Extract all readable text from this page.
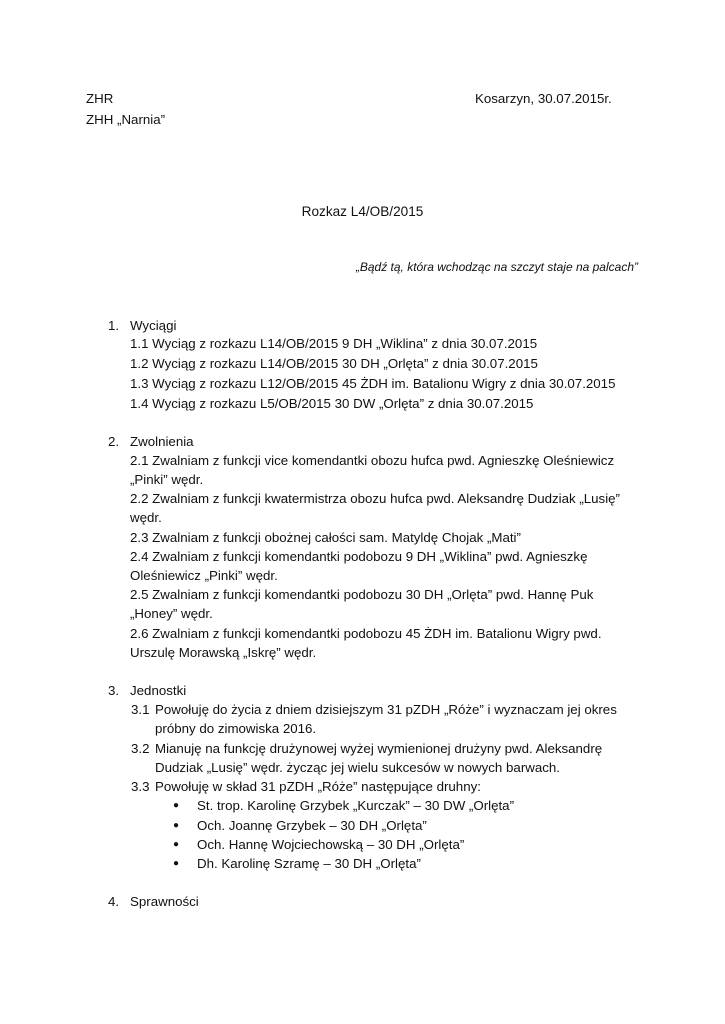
ZHR
ZHH „Narnia”
Kosarzyn, 30.07.2015r.
Rozkaz L4/OB/2015
„Bądź tą, która wchodząc na szczyt staje na palcach”
1. Wyciągi
1.1 Wyciąg z rozkazu L14/OB/2015 9 DH „Wiklina” z dnia 30.07.2015
1.2 Wyciąg z rozkazu L14/OB/2015 30 DH „Orlęta” z dnia 30.07.2015
1.3 Wyciąg z rozkazu L12/OB/2015 45 ŻDH im. Batalionu Wigry z dnia 30.07.2015
1.4 Wyciąg z rozkazu L5/OB/2015 30 DW „Orlęta” z dnia 30.07.2015
2. Zwolnienia
2.1 Zwalniam z funkcji vice komendantki obozu hufca pwd. Agnieszkę Oleśniewicz
„Pinki” wędr.
2.2 Zwalniam z funkcji kwatermistrza obozu hufca pwd. Aleksandrę Dudziak „Lusię”
wędr.
2.3 Zwalniam z funkcji obożnej całości sam. Matyldę Chojak „Mati”
2.4 Zwalniam z funkcji komendantki podobozu 9 DH „Wiklina” pwd. Agnieszkę
Oleśniewicz „Pinki” wędr.
2.5 Zwalniam z funkcji komendantki podobozu 30 DH „Orlęta” pwd. Hannę Puk
„Honey” wędr.
2.6 Zwalniam z funkcji komendantki podobozu 45 ŻDH im. Batalionu Wigry pwd.
Urszulę Morawską „Iskrę” wędr.
3. Jednostki
3.1 Powołuję do życia z dniem dzisiejszym 31 pZDH „Róże” i wyznaczam jej okres
próbny do zimowiska 2016.
3.2 Mianuję na funkcję drużynowej wyżej wymienionej drużyny pwd. Aleksandrę
Dudziak „Lusię” wędr. życząc jej wielu sukcesów w nowych barwach.
3.3 Powołuję w skład 31 pZDH „Róże” następujące druhny:
● St. trop. Karolinę Grzybek „Kurczak” – 30 DW „Orlęta”
● Och. Joannę Grzybek – 30 DH „Orlęta”
● Och. Hannę Wojciechowską – 30 DH „Orlęta”
● Dh. Karolinę Szramę – 30 DH „Orlęta”
4. Sprawności
